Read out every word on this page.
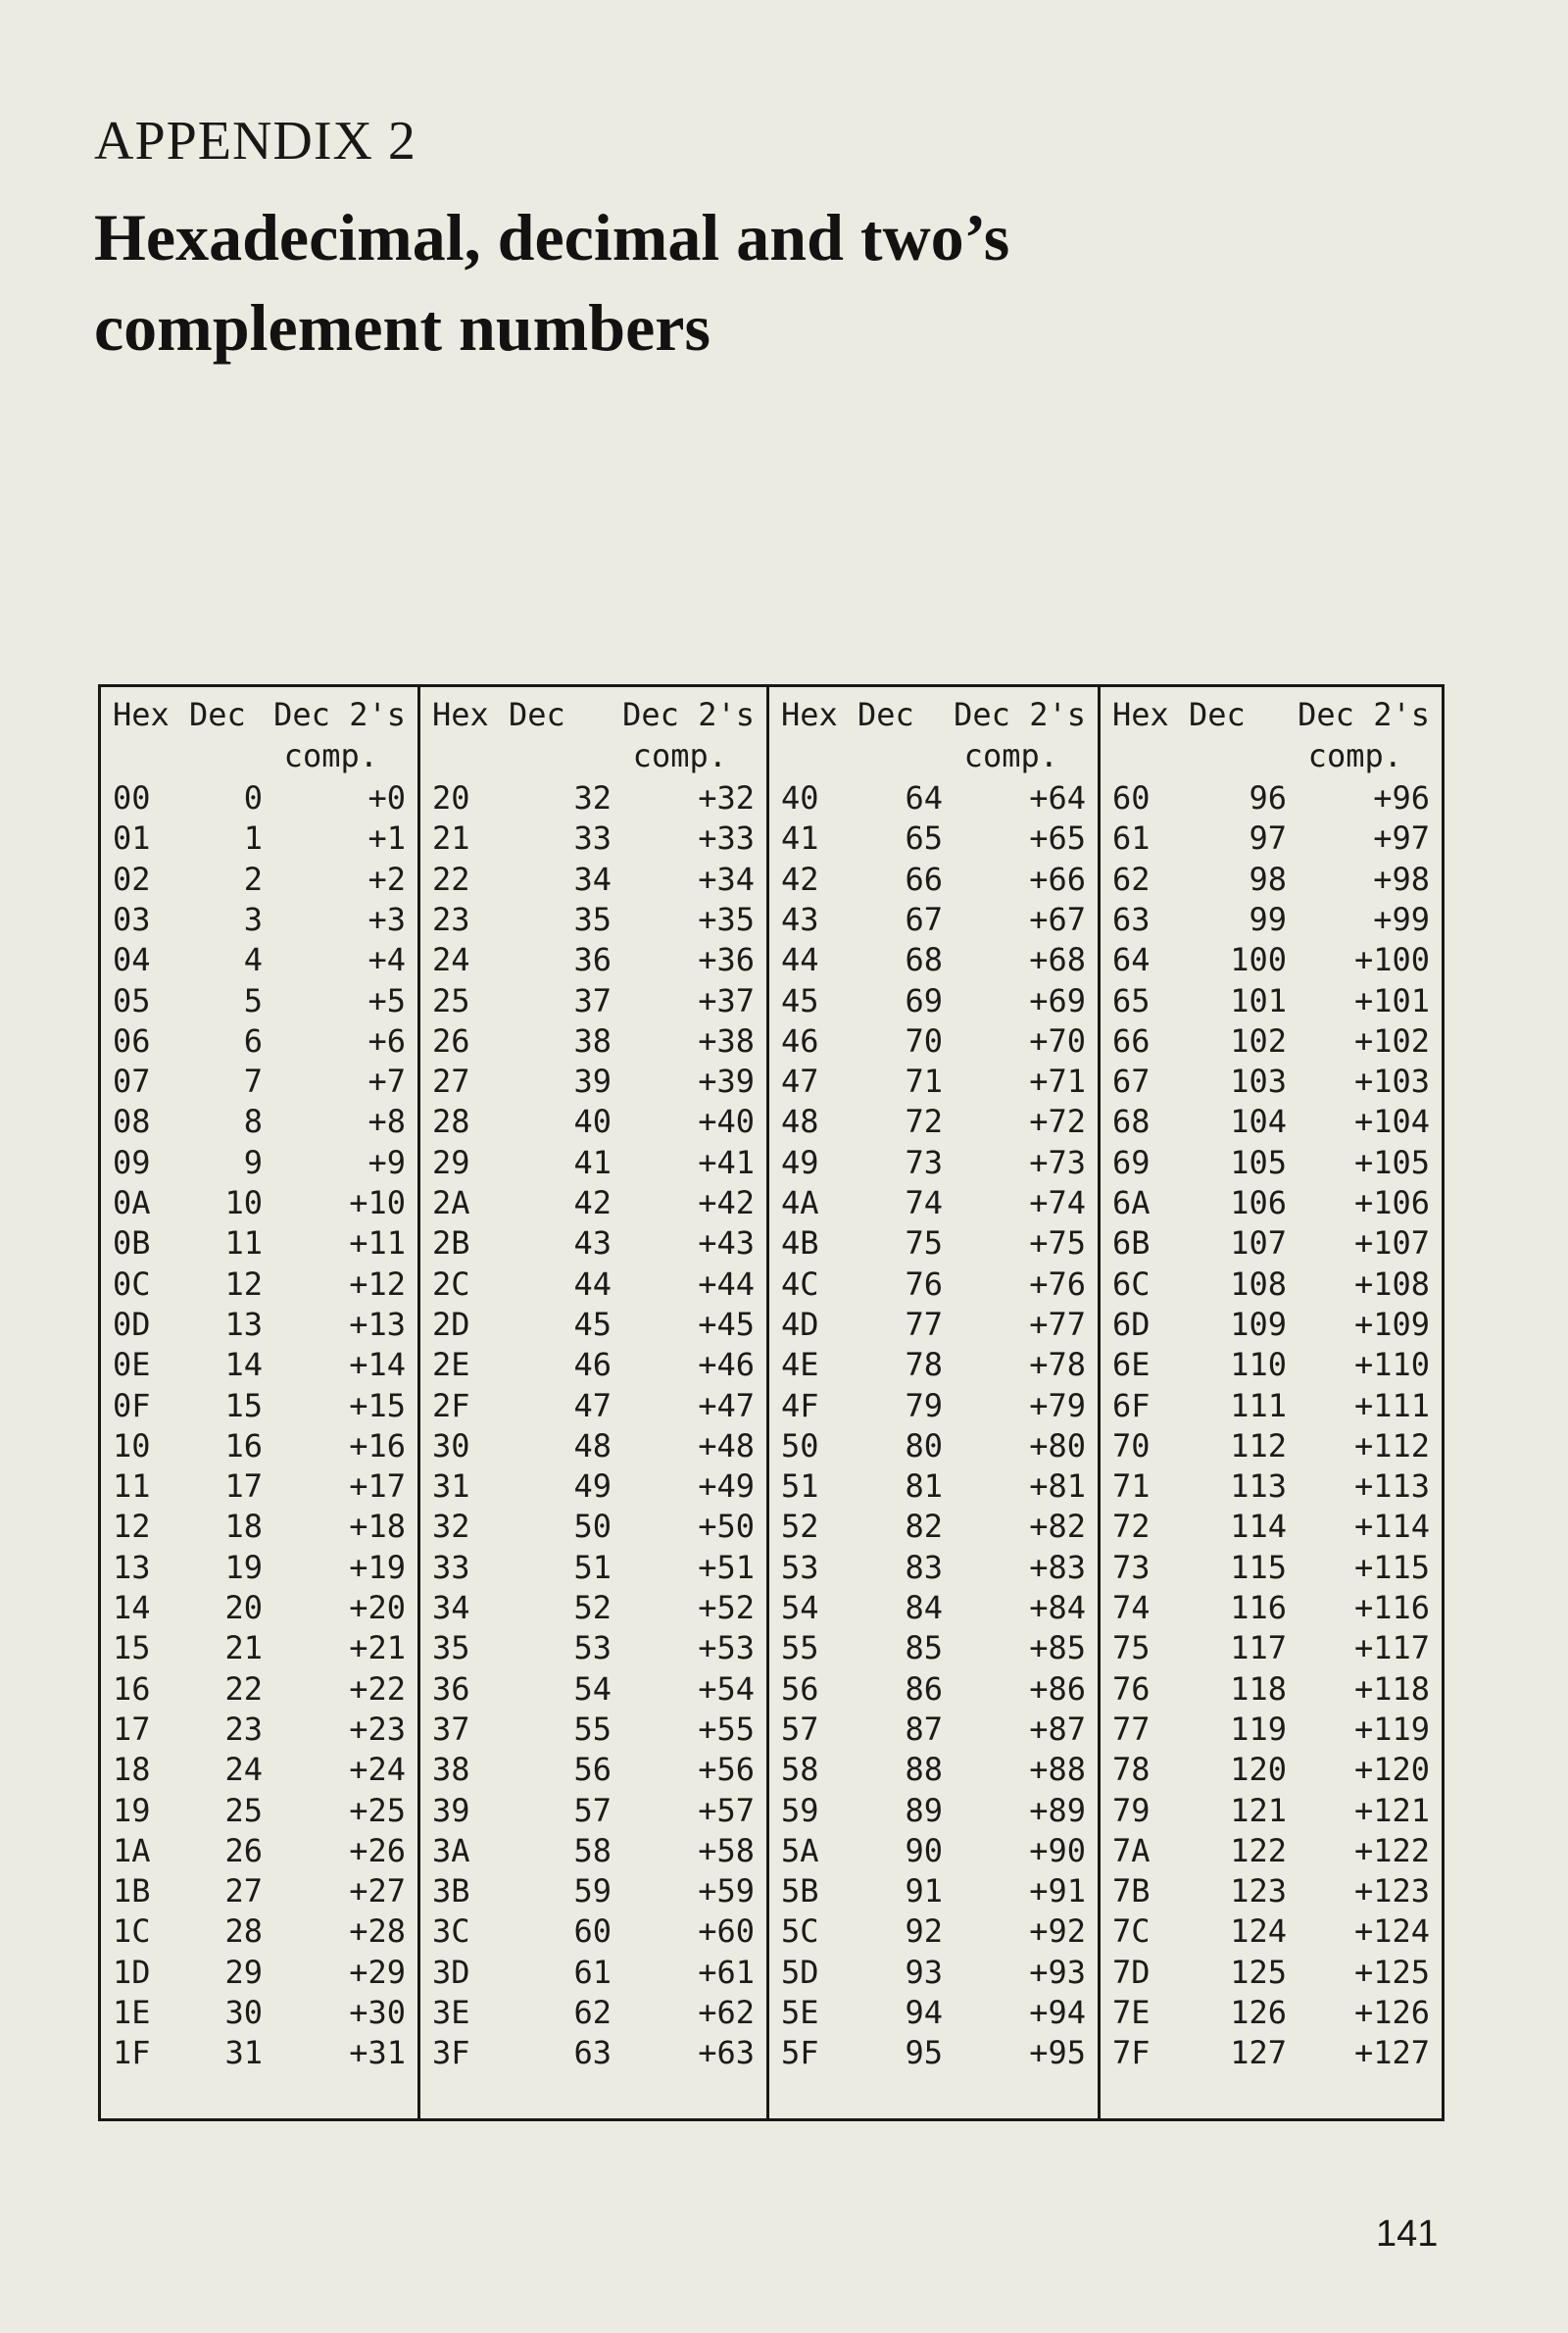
APPENDIX 2
Hexadecimal, decimal and two’s complement numbers
Hex Dec Dec 2's
comp.
00	0	+0
01	1	+1
02	2	+2
03	3	+3
04	4	+4
05	5	+5
06	6	+6
07	7	+7
08	8	+8
09	9	+9
0A 10	+10
0B 11	+11
0C 12	+12
0D 13	+13
0E 14	+14
0F 15	+15
10 16	+16
11 17	+17
12 18	+18
13 19	+19
14 20	+20
15 21	+21
16 22	+22
17 23	+23
18 24	+24
19 25	+25
1A 26	+26
1B 27	+27
1C 28	+28
1D 29	+29
1E 30	+30
1F 31	+31
Hex Dec Dec 2's
comp.
20	32	+32
21	33	+33
22	34	+34
23	35	+35
24	36	+36
25	37	+37
26	38	+38
27	39	+39
28	40	+40
29	41	+41
2A	42	+42
2B	43	+43
2C	44	+44
2D	45	+45
2E	46	+46
2F	47	+47
30	48	+48
31	49	+49
32	50	+50
33	51	+51
34	52	+52
35	53	+53
36	54	+54
37	55	+55
38	56	+56
39	57	+57
3A	58	+58
3B	59	+59
3C	60	+60
3D	61	+61
3E	62	+62
3F	63	+63
Hex Dec Dec 2's
comp.
40	64	+64
41	65	+65
42	66	+66
43	67	+67
44	68	+68
45	69	+69
46	70	+70
47	71	+71
48	72	+72
49	73	+73
4A	74	+74
4B	75	+75
4C	76	+76
4D	77	+77
4E	78	+78
4F	79	+79
50	80	+80
51	81	+81
52	82	+82
53	83	+83
54	84	+84
55	85	+85
56	86	+86
57	87	+87
58	88	+88
59	89	+89
5A	90	+90
5B	91	+91
5C	92	+92
5D	93	+93
5E	94	+94
5F	95	+95
Hex Dec Dec 2's
comp.
60	96	+96
61	97	+97
62	98	+98
63	99	+99
64	100 +100
65	101 +101
66	102 +102
67	103 +103
68	104 +104
69	105 +105
6A	106 +106
6B	107 +107
6C	108 +108
6D	109 +109
6E	110 +110
6F	111 +111
70	112 +112
71	113 +113
72	114 +114
73	115 +115
74	116 +116
75	117 +117
76	118 +118
77	119 +119
78	120 +120
79	121 +121
7A	122 +122
7B	123 +123
7C	124 +124
7D	125 +125
7E	126 +126
7F	127 +127
141
